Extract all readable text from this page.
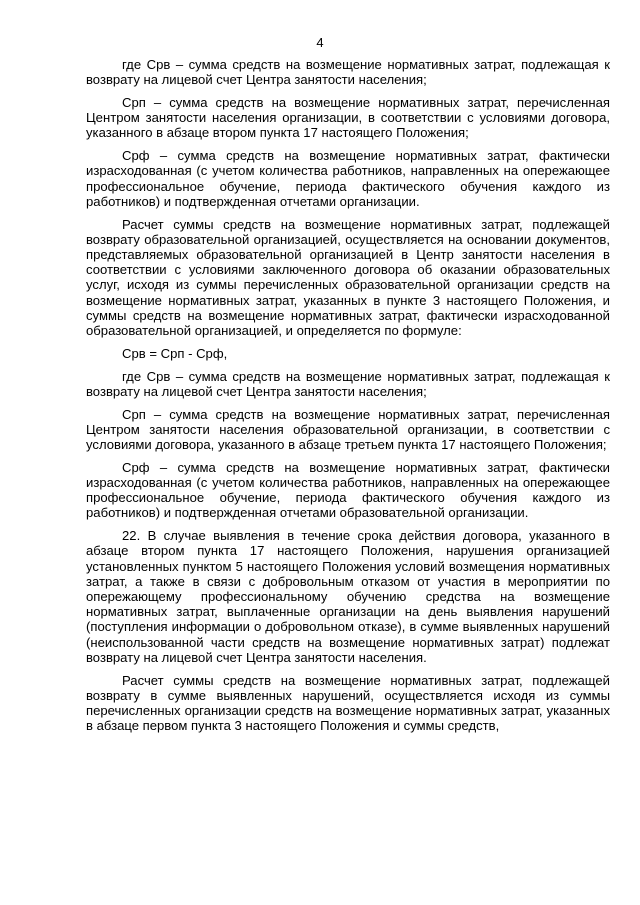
4

где Срв – сумма средств на возмещение нормативных затрат, подлежащая к возврату на лицевой счет Центра занятости населения;

Срп – сумма средств на возмещение нормативных затрат, перечисленная Центром занятости населения организации, в соответствии с условиями договора, указанного в абзаце втором пункта 17 настоящего Положения;

Срф – сумма средств на возмещение нормативных затрат, фактически израсходованная (с учетом количества работников, направленных на опережающее профессиональное обучение, периода фактического обучения каждого из работников) и подтвержденная отчетами организации.

Расчет суммы средств на возмещение нормативных затрат, подлежащей возврату образовательной организацией, осуществляется на основании документов, представляемых образовательной организацией в Центр занятости населения в соответствии с условиями заключенного договора об оказании образовательных услуг, исходя из суммы перечисленных образовательной организации средств на возмещение нормативных затрат, указанных в пункте 3 настоящего Положения, и суммы средств на возмещение нормативных затрат, фактически израсходованной образовательной организацией, и определяется по формуле:

Срв = Срп - Срф,

где Срв – сумма средств на возмещение нормативных затрат, подлежащая к возврату на лицевой счет Центра занятости населения;

Срп – сумма средств на возмещение нормативных затрат, перечисленная Центром занятости населения образовательной организации, в соответствии с условиями договора, указанного в абзаце третьем пункта 17 настоящего Положения;

Срф – сумма средств на возмещение нормативных затрат, фактически израсходованная (с учетом количества работников, направленных на опережающее профессиональное обучение, периода фактического обучения каждого из работников) и подтвержденная отчетами образовательной организации.

22. В случае выявления в течение срока действия договора, указанного в абзаце втором пункта 17 настоящего Положения, нарушения организацией установленных пунктом 5 настоящего Положения условий возмещения нормативных затрат, а также в связи с добровольным отказом от участия в мероприятии по опережающему профессиональному обучению средства на возмещение нормативных затрат, выплаченные организации на день выявления нарушений (поступления информации о добровольном отказе), в сумме выявленных нарушений (неиспользованной части средств на возмещение нормативных затрат) подлежат возврату на лицевой счет Центра занятости населения.

Расчет суммы средств на возмещение нормативных затрат, подлежащей возврату в сумме выявленных нарушений, осуществляется исходя из суммы перечисленных организации средств на возмещение нормативных затрат, указанных в абзаце первом пункта 3 настоящего Положения и суммы средств,
